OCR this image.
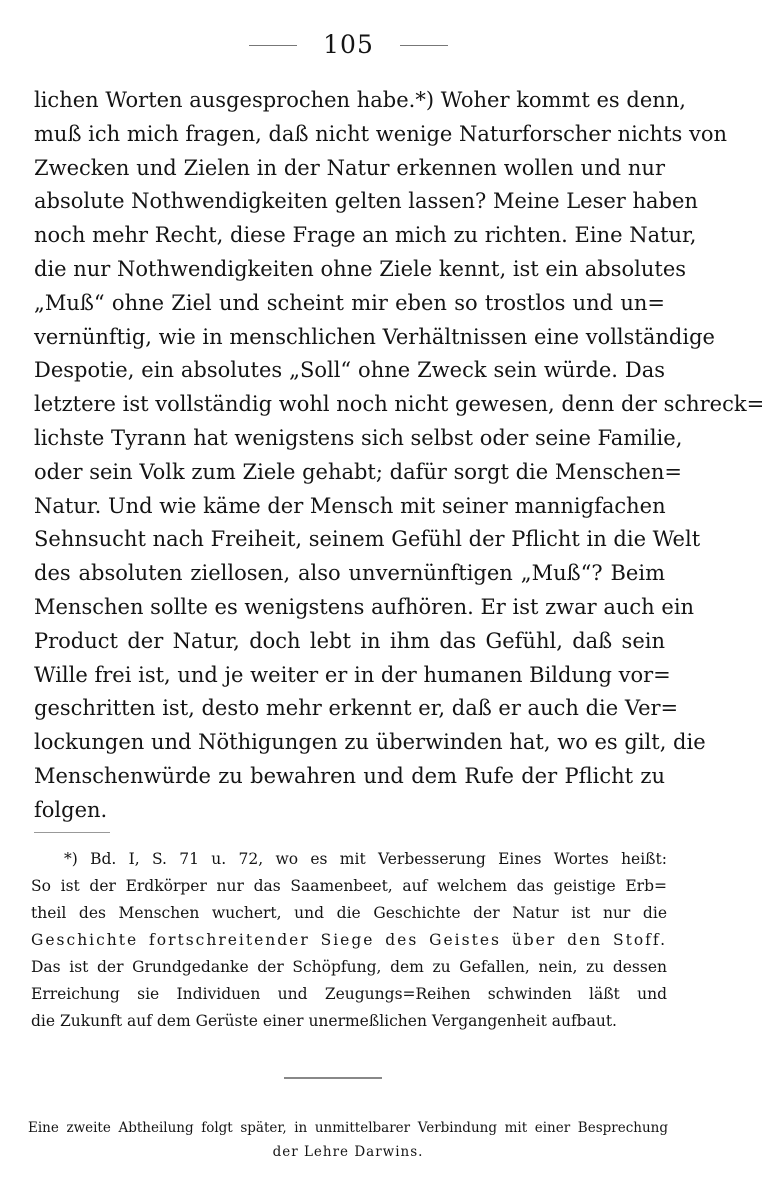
105
lichen Worten ausgesprochen habe.*) Woher kommt es denn,
muß ich mich fragen, daß nicht wenige Naturforscher nichts von
Zwecken und Zielen in der Natur erkennen wollen und nur
absolute Nothwendigkeiten gelten lassen? Meine Leser haben
noch mehr Recht, diese Frage an mich zu richten. Eine Natur,
die nur Nothwendigkeiten ohne Ziele kennt, ist ein absolutes
„Muß“ ohne Ziel und scheint mir eben so trostlos und un=
vernünftig, wie in menschlichen Verhältnissen eine vollständige
Despotie, ein absolutes „Soll“ ohne Zweck sein würde. Das
letztere ist vollständig wohl noch nicht gewesen, denn der schreck=
lichste Tyrann hat wenigstens sich selbst oder seine Familie,
oder sein Volk zum Ziele gehabt; dafür sorgt die Menschen=
Natur. Und wie käme der Mensch mit seiner mannigfachen
Sehnsucht nach Freiheit, seinem Gefühl der Pflicht in die Welt
des absoluten ziellosen, also unvernünftigen „Muß“? Beim
Menschen sollte es wenigstens aufhören. Er ist zwar auch ein
Product der Natur, doch lebt in ihm das Gefühl, daß sein
Wille frei ist, und je weiter er in der humanen Bildung vor=
geschritten ist, desto mehr erkennt er, daß er auch die Ver=
lockungen und Nöthigungen zu überwinden hat, wo es gilt, die
Menschenwürde zu bewahren und dem Rufe der Pflicht zu
folgen.
*) Bd. I, S. 71 u. 72, wo es mit Verbesserung Eines Wortes heißt:
So ist der Erdkörper nur das Saamenbeet, auf welchem das geistige Erb=
theil des Menschen wuchert, und die Geschichte der Natur ist nur die
Geschichte fortschreitender Siege des Geistes über den Stoff.
Das ist der Grundgedanke der Schöpfung, dem zu Gefallen, nein, zu dessen
Erreichung sie Individuen und Zeugungs=Reihen schwinden läßt und
die Zukunft auf dem Gerüste einer unermeßlichen Vergangenheit aufbaut.
Eine zweite Abtheilung folgt später, in unmittelbarer Verbindung mit einer Besprechung
der Lehre Darwins.
